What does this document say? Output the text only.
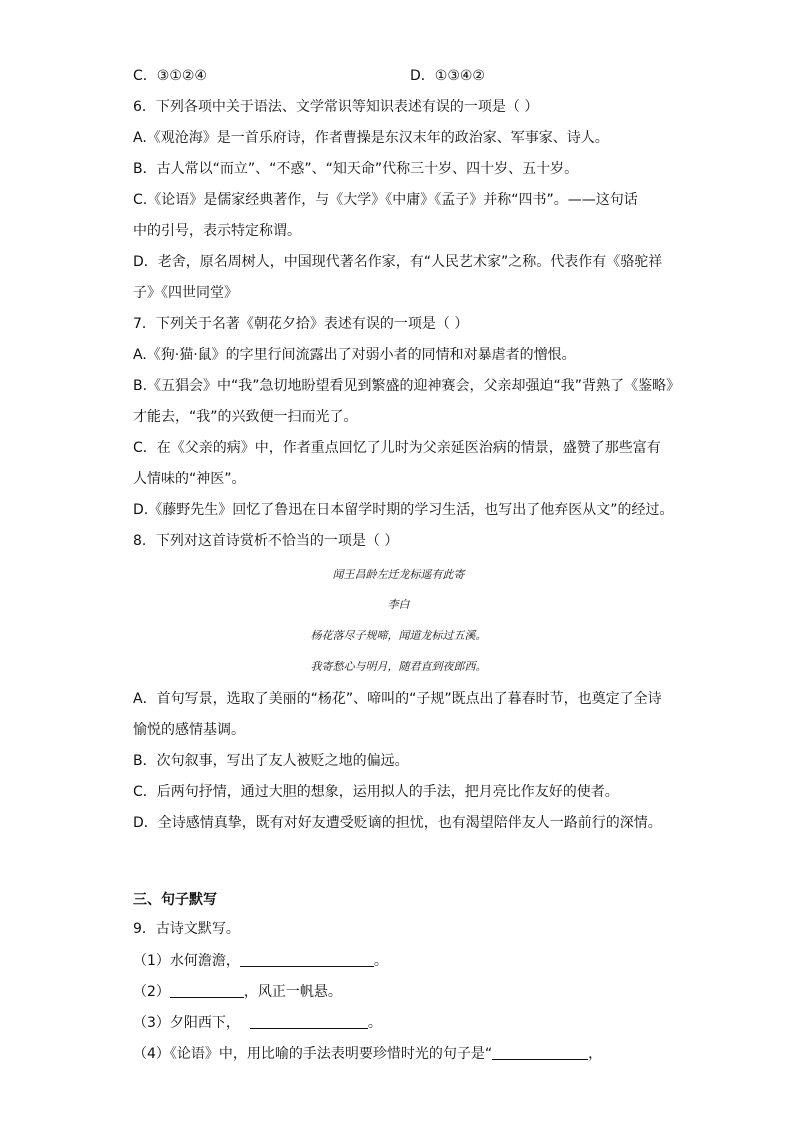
C．③①②④	D．①③④②
6．下列各项中关于语法、文学常识等知识表述有误的一项是（ ）
A.《观沧海》是一首乐府诗，作者曹操是东汉末年的政治家、军事家、诗人。
B．古人常以“而立”、“不惑”、“知天命”代称三十岁、四十岁、五十岁。
C.《论语》是儒家经典著作，与《大学》《中庸》《孟子》并称“四书”。——这句话
中的引号，表示特定称谓。
D．老舍，原名周树人，中国现代著名作家，有“人民艺术家”之称。代表作有《骆驼祥
子》《四世同堂》
7．下列关于名著《朝花夕拾》表述有误的一项是（ ）
A.《狗·猫·鼠》的字里行间流露出了对弱小者的同情和对暴虐者的憎恨。
B.《五猖会》中“我”急切地盼望看见到繁盛的迎神赛会，父亲却强迫“我”背熟了《鉴略》
才能去，“我”的兴致便一扫而光了。
C．在《父亲的病》中，作者重点回忆了儿时为父亲延医治病的情景，盛赞了那些富有
人情味的“神医”。
D.《藤野先生》回忆了鲁迅在日本留学时期的学习生活，也写出了他弃医从文”的经过。
8．下列对这首诗赏析不恰当的一项是（ ）
闻王昌龄左迁龙标遥有此寄
李白
杨花落尽子规啼，闻道龙标过五溪。
我寄愁心与明月，随君直到夜郎西。
A．首句写景，选取了美丽的“杨花”、啼叫的“子规”既点出了暮春时节，也奠定了全诗
愉悦的感情基调。
B．次句叙事，写出了友人被贬之地的偏远。
C．后两句抒情，通过大胆的想象，运用拟人的手法，把月亮比作友好的使者。
D．全诗感情真挚，既有对好友遭受贬谪的担忧，也有渴望陪伴友人一路前行的深情。
三、句子默写
9．古诗文默写。
（1）水何澹澹，	。
（2）	，风正一帆悬。
（3）夕阳西下，	。
（4）《论语》中，用比喻的手法表明要珍惜时光的句子是“	，
